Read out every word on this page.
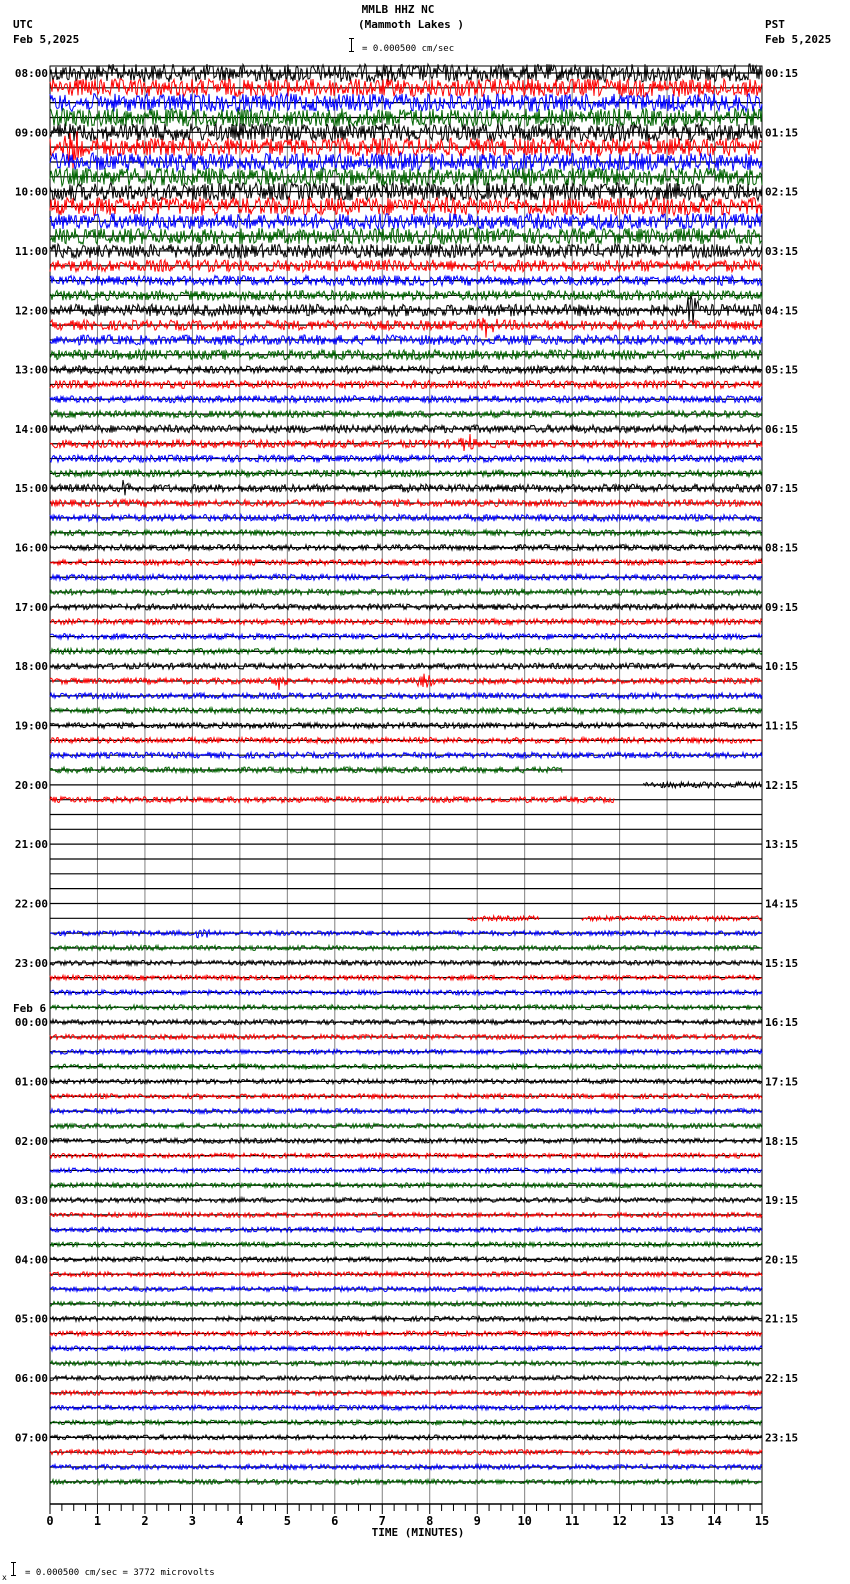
MMLB HHZ NC
(Mammoth Lakes )
UTC
Feb 5,2025
PST
Feb 5,2025
= 0.000500 cm/sec
08:00
09:00
10:00
11:00
12:00
13:00
14:00
15:00
16:00
17:00
18:00
19:00
20:00
21:00
22:00
23:00
00:00
Feb 6
01:00
02:00
03:00
04:00
05:00
06:00
07:00
00:15
01:15
02:15
03:15
04:15
05:15
06:15
07:15
08:15
09:15
10:15
11:15
12:15
13:15
14:15
15:15
16:15
17:15
18:15
19:15
20:15
21:15
22:15
23:15
0	1	2	3	4	5	6	7	8	9	10	11	12	13	14	15
TIME (MINUTES)
x = 0.000500 cm/sec = 3772 microvolts
